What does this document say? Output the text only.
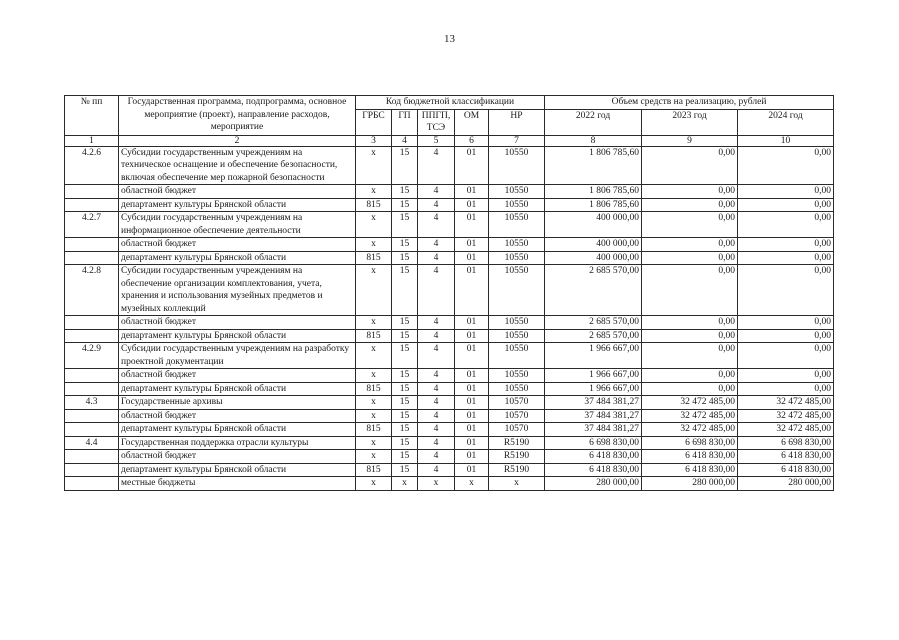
13
№ пп	Государственная программа, подпрограмма, основное мероприятие (проект), направление расходов, мероприятие	Код бюджетной классификации					Объем средств на реализацию, рублей		
		ГРБС	ГП	ППГП, ТСЭ	ОМ	НР	2022 год	2023 год	2024 год
1	2	3	4	5	6	7	8	9	10
4.2.6	Субсидии государственным учреждениям на техническое оснащение и обеспечение безопасности, включая обеспечение мер пожарной безопасности	х	15	4	01	10550	1 806 785,60	0,00	0,00
	областной бюджет	х	15	4	01	10550	1 806 785,60	0,00	0,00
	департамент культуры Брянской области	815	15	4	01	10550	1 806 785,60	0,00	0,00
4.2.7	Субсидии государственным учреждениям на информационное обеспечение деятельности	х	15	4	01	10550	400 000,00	0,00	0,00
	областной бюджет	х	15	4	01	10550	400 000,00	0,00	0,00
	департамент культуры Брянской области	815	15	4	01	10550	400 000,00	0,00	0,00
4.2.8	Субсидии государственным учреждениям на обеспечение организации комплектования, учета, хранения и использования музейных предметов и музейных коллекций	х	15	4	01	10550	2 685 570,00	0,00	0,00
	областной бюджет	х	15	4	01	10550	2 685 570,00	0,00	0,00
	департамент культуры Брянской области	815	15	4	01	10550	2 685 570,00	0,00	0,00
4.2.9	Субсидии государственным учреждениям на разработку проектной документации	х	15	4	01	10550	1 966 667,00	0,00	0,00
	областной бюджет	х	15	4	01	10550	1 966 667,00	0,00	0,00
	департамент культуры Брянской области	815	15	4	01	10550	1 966 667,00	0,00	0,00
4.3	Государственные архивы	х	15	4	01	10570	37 484 381,27	32 472 485,00	32 472 485,00
	областной бюджет	х	15	4	01	10570	37 484 381,27	32 472 485,00	32 472 485,00
	департамент культуры Брянской области	815	15	4	01	10570	37 484 381,27	32 472 485,00	32 472 485,00
4.4	Государственная поддержка отрасли культуры	х	15	4	01	R5190	6 698 830,00	6 698 830,00	6 698 830,00
	областной бюджет	х	15	4	01	R5190	6 418 830,00	6 418 830,00	6 418 830,00
	департамент культуры Брянской области	815	15	4	01	R5190	6 418 830,00	6 418 830,00	6 418 830,00
	местные бюджеты	х	х	х	х	х	280 000,00	280 000,00	280 000,00
